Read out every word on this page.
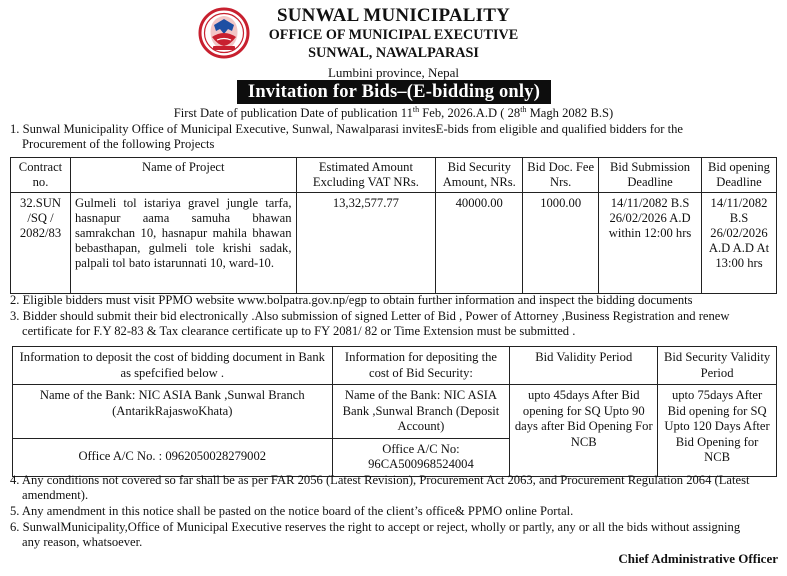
SUNWAL MUNICIPALITY
OFFICE OF MUNICIPAL EXECUTIVE
SUNWAL, NAWALPARASI
Lumbini province, Nepal
Invitation for Bids–(E-bidding only)
First Date of publication Date of publication 11th Feb, 2026.A.D ( 28th Magh 2082 B.S)
1. Sunwal Municipality Office of Municipal Executive, Sunwal, Nawalparasi invitesE-bids from eligible and qualified bidders for the
Procurement of the following Projects
Contract no.	Name of Project	Estimated Amount Excluding VAT NRs.	Bid Security Amount, NRs.	Bid Doc. Fee Nrs.	Bid Submission Deadline	Bid opening Deadline
32.SUN /SQ / 2082/83	Gulmeli tol istariya gravel jungle tarfa, hasnapur aama samuha bhawan samrakchan 10, hasnapur mahila bhawan bebasthapan, gulmeli tole krishi sadak, palpali tol bato istarunnati 10, ward-10.	13,32,577.77	40000.00	1000.00	14/11/2082 B.S 26/02/2026 A.D within 12:00 hrs	14/11/2082 B.S 26/02/2026 A.D A.D At 13:00 hrs
2. Eligible bidders must visit PPMO website www.bolpatra.gov.np/egp to obtain further information and inspect the bidding documents
3. Bidder should submit their bid electronically .Also submission of signed Letter of Bid , Power of Attorney ,Business Registration and renew
certificate for F.Y 82-83 & Tax clearance certificate up to FY 2081/ 82 or Time Extension must be submitted .
Information to deposit the cost of bidding document in Bank as spefcified below .	Information for depositing the cost of Bid Security:	Bid Validity Period	Bid Security Validity Period
Name of the Bank: NIC ASIA Bank ,Sunwal Branch (AntarikRajaswoKhata)	Name of the Bank: NIC ASIA Bank ,Sunwal Branch (Deposit Account)	upto 45days After Bid opening for SQ Upto 90 days after Bid Opening For NCB	upto 75days After Bid opening for SQ Upto 120 Days After Bid Opening for NCB
Office A/C No. : 0962050028279002	Office A/C No: 96CA500968524004		
4. Any conditions not covered so far shall be as per FAR 2056 (Latest Revision), Procurement Act 2063, and Procurement Regulation 2064 (Latest
amendment).
5. Any amendment in this notice shall be pasted on the notice board of the client’s office& PPMO online Portal.
6. SunwalMunicipality,Office of Municipal Executive reserves the right to accept or reject, wholly or partly, any or all the bids without assigning
any reason, whatsoever.
Chief Administrative Officer
